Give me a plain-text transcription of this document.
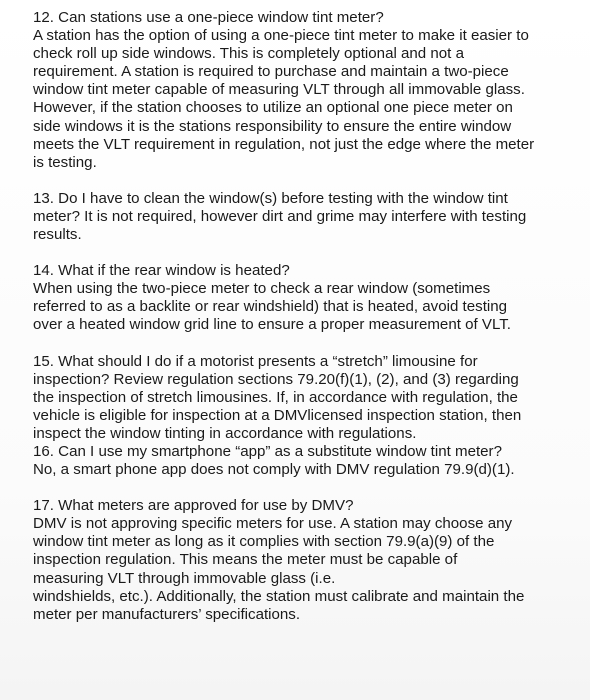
12. Can stations use a one-piece window tint meter?
A station has the option of using a one-piece tint meter to make it easier to
check roll up side windows. This is completely optional and not a
requirement. A station is required to purchase and maintain a two-piece
window tint meter capable of measuring VLT through all immovable glass.
However, if the station chooses to utilize an optional one piece meter on
side windows it is the stations responsibility to ensure the entire window
meets the VLT requirement in regulation, not just the edge where the meter
is testing.
13. Do I have to clean the window(s) before testing with the window tint
meter? It is not required, however dirt and grime may interfere with testing
results.
14. What if the rear window is heated?
When using the two-piece meter to check a rear window (sometimes
referred to as a backlite or rear windshield) that is heated, avoid testing
over a heated window grid line to ensure a proper measurement of VLT.
15. What should I do if a motorist presents a “stretch” limousine for
inspection? Review regulation sections 79.20(f)(1), (2), and (3) regarding
the inspection of stretch limousines. If, in accordance with regulation, the
vehicle is eligible for inspection at a DMVlicensed inspection station, then
inspect the window tinting in accordance with regulations.
16. Can I use my smartphone “app” as a substitute window tint meter?
No, a smart phone app does not comply with DMV regulation 79.9(d)(1).
17. What meters are approved for use by DMV?
DMV is not approving specific meters for use. A station may choose any
window tint meter as long as it complies with section 79.9(a)(9) of the
inspection regulation. This means the meter must be capable of
measuring VLT through immovable glass (i.e.
windshields, etc.). Additionally, the station must calibrate and maintain the
meter per manufacturers’ specifications.
